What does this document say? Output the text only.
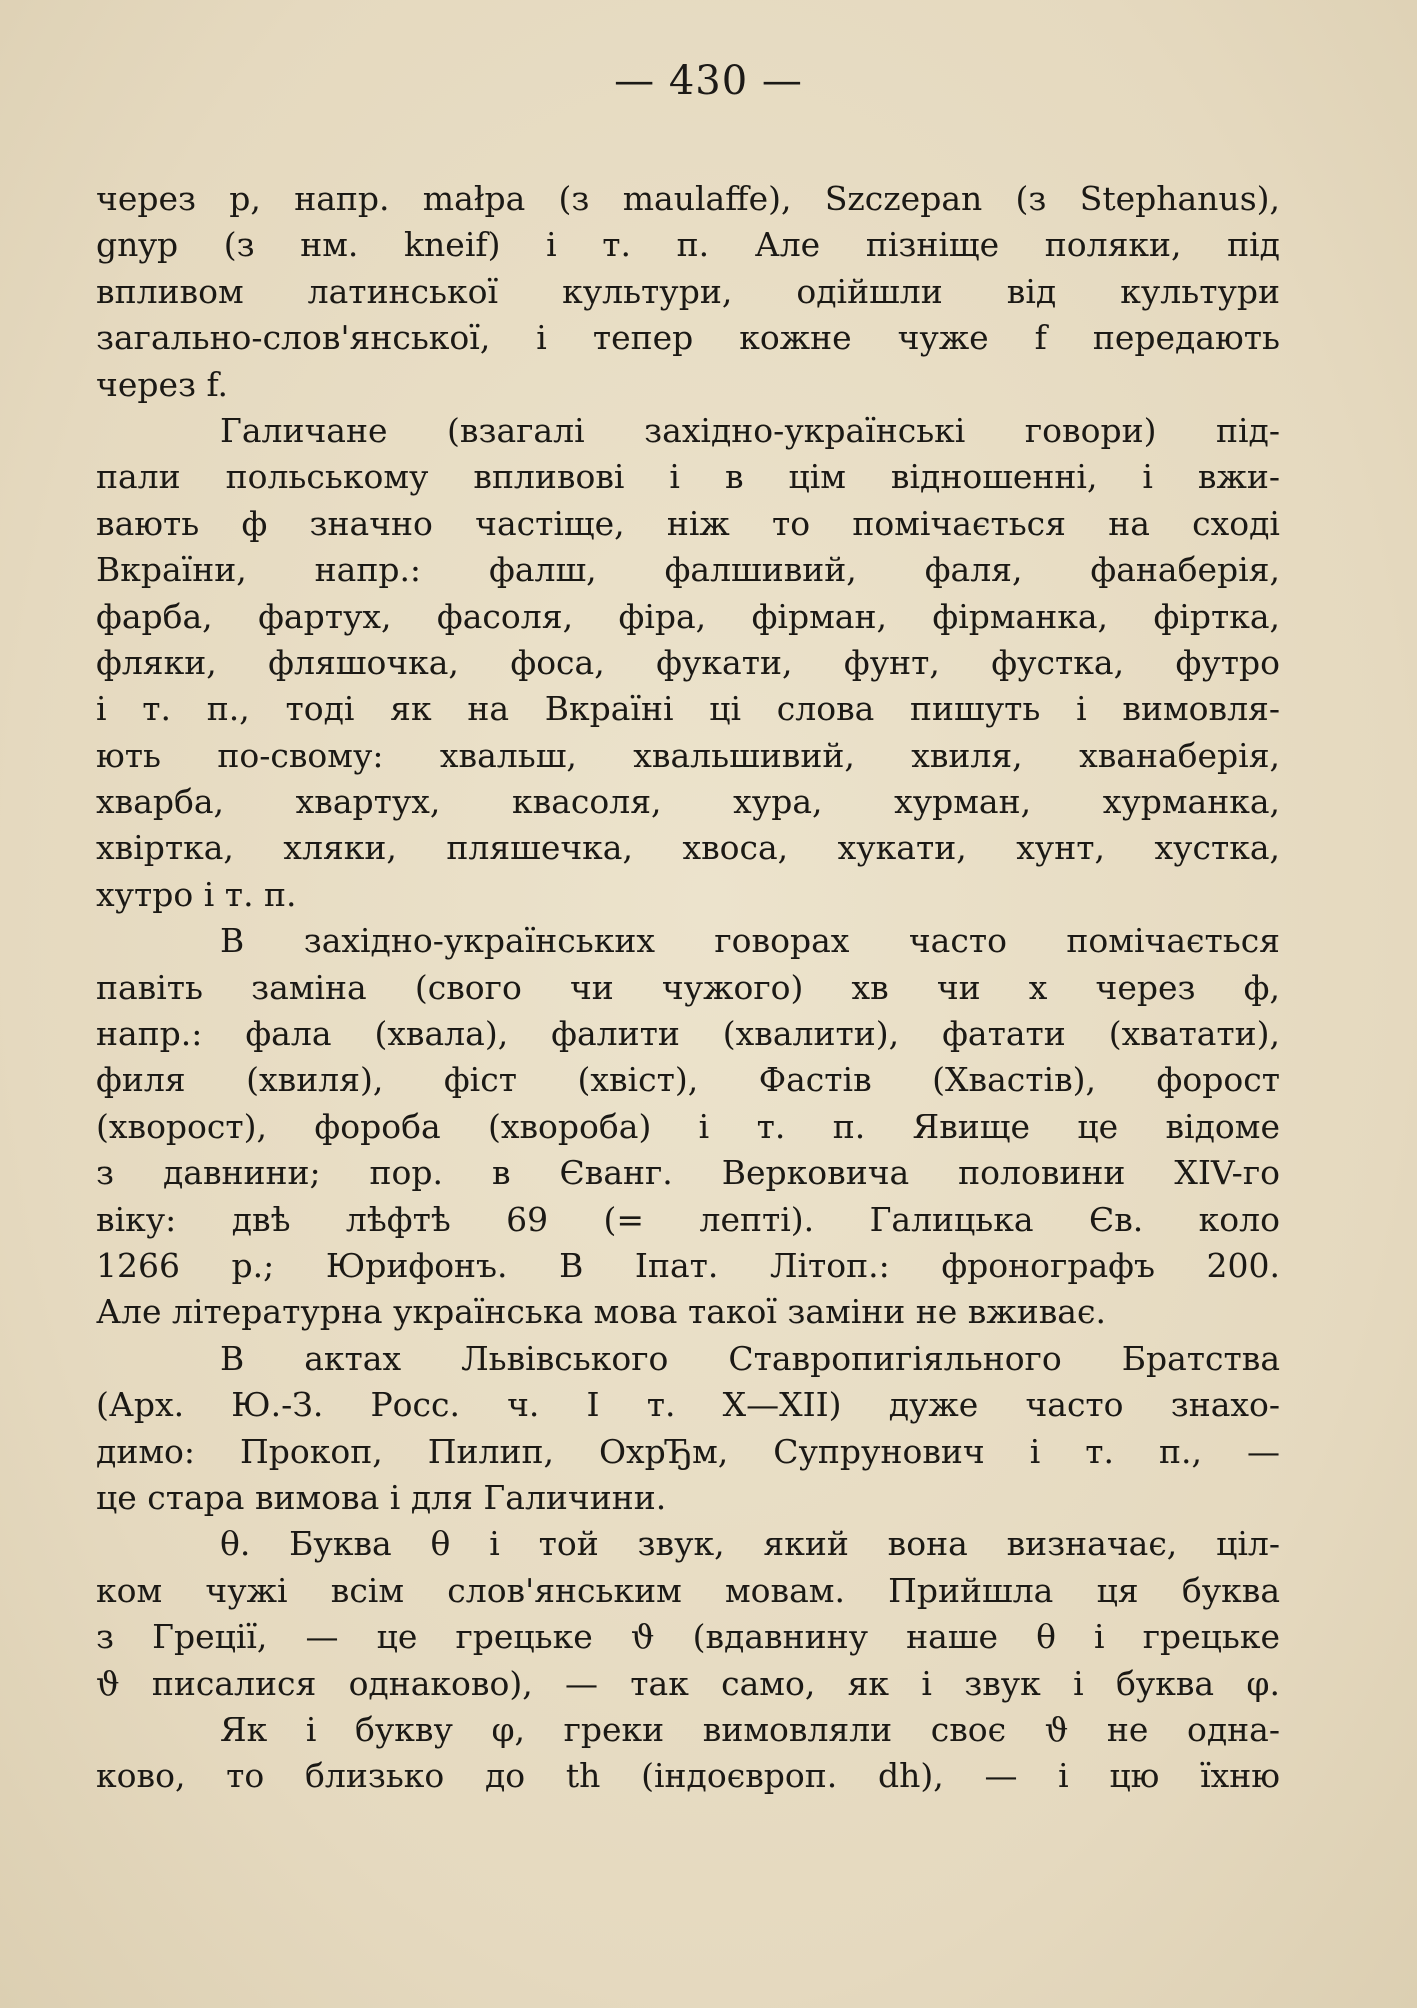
— 430 —
через p, напр. małpa (з maulaffe), Szczepan (з Stephanus),
gnyp (з нм. kneif) і т. п. Але пізніще поляки, під
впливом латинської культури, одійшли від культури
загально-слов'янської, і тепер кожне чуже f передають
через f.
Галичане (взагалі західно-українські говори) під-
пали польському впливові і в цім відношенні, і вжи-
вають ф значно частіще, ніж то помічається на сході
Вкраїни, напр.: фалш, фалшивий, фаля, фанаберія,
фарба, фартух, фасоля, фіра, фірман, фірманка, фіртка,
фляки, фляшочка, фоса, фукати, фунт, фустка, футро
і т. п., тоді як на Вкраїні ці слова пишуть і вимовля-
ють по-свому: хвальш, хвальшивий, хвиля, хванаберія,
хварба, хвартух, квасоля, хура, хурман, хурманка,
хвіртка, хляки, пляшечка, хвоса, хукати, хунт, хустка,
хутро і т. п.
В західно-українських говорах часто помічається
павіть заміна (свого чи чужого) хв чи х через ф,
напр.: фала (хвала), фалити (хвалити), фатати (хватати),
филя (хвиля), фіст (хвіст), Фастів (Хвастів), форост
(хворост), фороба (хвороба) і т. п. Явище це відоме
з давнини; пор. в Єванг. Верковича половини XIV-го
віку: двѣ лѣфтѣ 69 (= лепті). Галицька Єв. коло
1266 р.; Юрифонъ. В Іпат. Літоп.: фронографъ 200.
Але літературна українська мова такої заміни не вживає.
В актах Львівського Ставропигіяльного Братства
(Арх. Ю.-З. Росс. ч. I т. X—XII) дуже часто знахо-
димо: Прокоп, Пилип, ОхрЂм, Супрунович і т. п., —
це стара вимова і для Галичини.
θ. Буква θ і той звук, який вона визначає, цiл-
ком чужі всім слов'янським мовам. Прийшла ця буква
з Греції, — це грецьке ϑ (вдавнину наше θ і грецьке
ϑ писалися однаково), — так само, як і звук і буква φ.
Як і букву φ, греки вимовляли своє ϑ не одна-
ково, то близько до th (індоєвроп. dh), — і цю їхню
